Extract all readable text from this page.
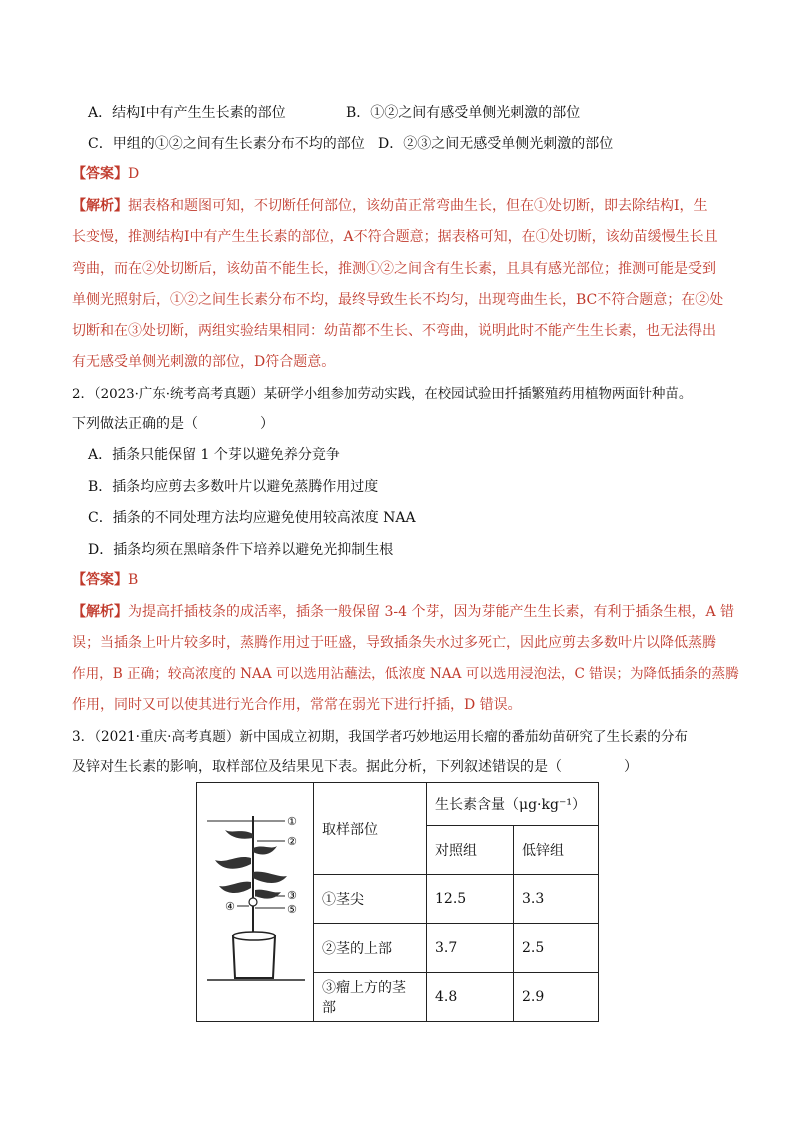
A．结构Ⅰ中有产生生长素的部位	B．①②之间有感受单侧光刺激的部位
C．甲组的①②之间有生长素分布不均的部位 D．②③之间无感受单侧光刺激的部位
【答案】D
【解析】据表格和题图可知，不切断任何部位，该幼苗正常弯曲生长，但在①处切断，即去除结构Ⅰ，生
长变慢，推测结构Ⅰ中有产生生长素的部位，A不符合题意；据表格可知，在①处切断，该幼苗缓慢生长且
弯曲，而在②处切断后，该幼苗不能生长，推测①②之间含有生长素，且具有感光部位；推测可能是受到
单侧光照射后，①②之间生长素分布不均，最终导致生长不均匀，出现弯曲生长，BC不符合题意；在②处
切断和在③处切断，两组实验结果相同：幼苗都不生长、不弯曲，说明此时不能产生生长素，也无法得出
有无感受单侧光刺激的部位，D符合题意。
2．（2023·广东·统考高考真题）某研学小组参加劳动实践，在校园试验田扦插繁殖药用植物两面针种苗。
下列做法正确的是（	）
A．插条只能保留 1 个芽以避免养分竞争
B．插条均应剪去多数叶片以避免蒸腾作用过度
C．插条的不同处理方法均应避免使用较高浓度 NAA
D．插条均须在黑暗条件下培养以避免光抑制生根
【答案】B
【解析】为提高扦插枝条的成活率，插条一般保留 3-4 个芽，因为芽能产生生长素，有利于插条生根，A 错
误；当插条上叶片较多时，蒸腾作用过于旺盛，导致插条失水过多死亡，因此应剪去多数叶片以降低蒸腾
作用，B 正确；较高浓度的 NAA 可以选用沾蘸法，低浓度 NAA 可以选用浸泡法，C 错误；为降低插条的蒸腾
作用，同时又可以使其进行光合作用，常常在弱光下进行扦插，D 错误。
3．（2021·重庆·高考真题）新中国成立初期，我国学者巧妙地运用长瘤的番茄幼苗研究了生长素的分布
及锌对生长素的影响，取样部位及结果见下表。据此分析，下列叙述错误的是（	）
①
②
③
④ ⑤	取样部位	生长素含量（μg·kg⁻¹）	
		对照组	低锌组
	①茎尖	12.5	3.3
	②茎的上部	3.7	2.5
	③瘤上方的茎部	4.8	2.9
